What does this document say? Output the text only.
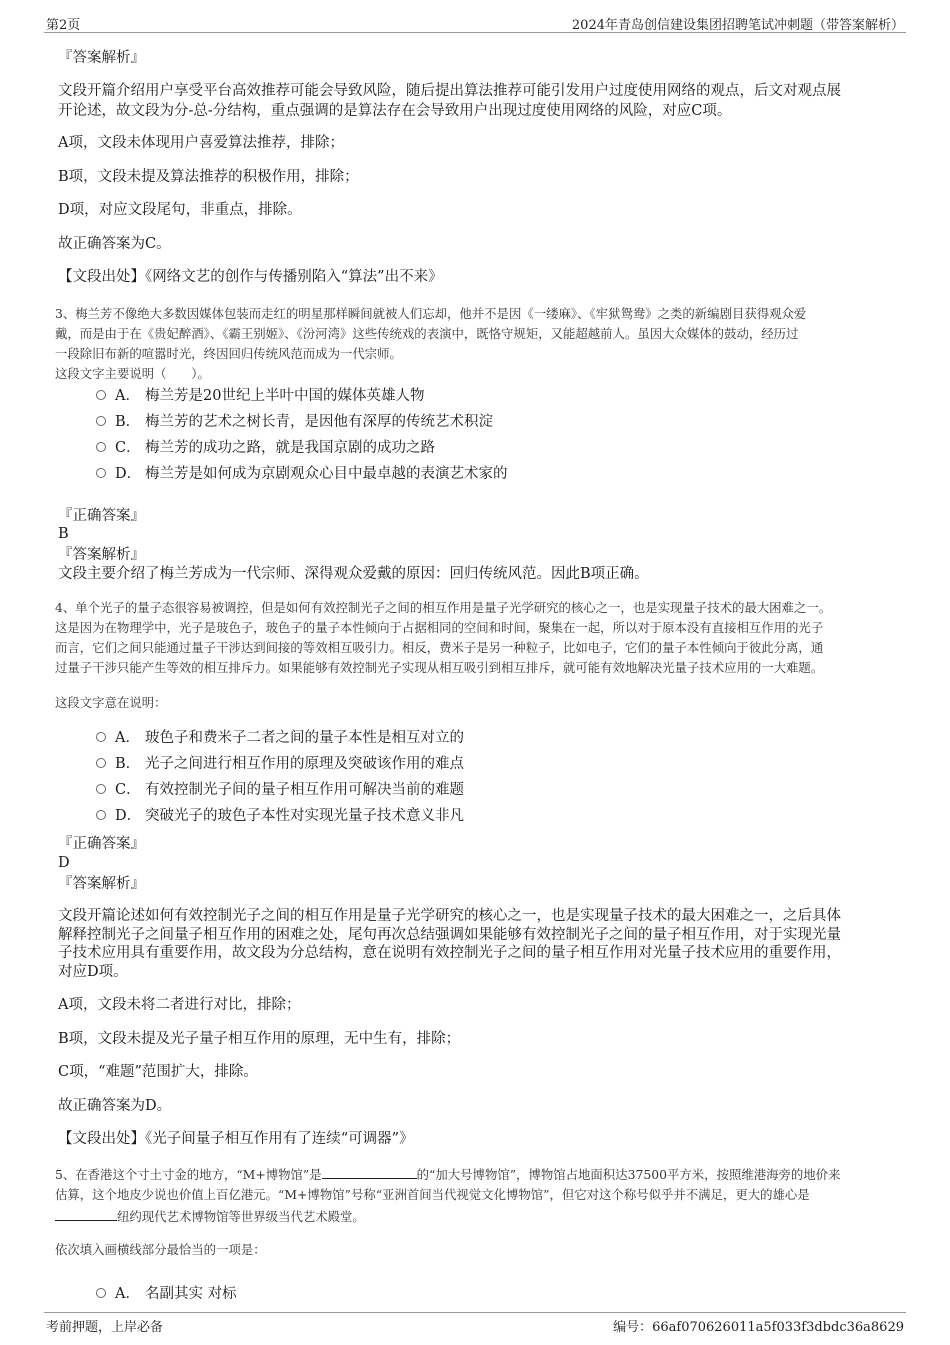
第2页	2024年青岛创信建设集团招聘笔试冲刺题（带答案解析）
『答案解析』
文段开篇介绍用户享受平台高效推荐可能会导致风险，随后提出算法推荐可能引发用户过度使用网络的观点，后文对观点展
开论述，故文段为分-总-分结构，重点强调的是算法存在会导致用户出现过度使用网络的风险，对应C项。
A项，文段未体现用户喜爱算法推荐，排除；
B项，文段未提及算法推荐的积极作用，排除；
D项，对应文段尾句，非重点，排除。
故正确答案为C。
【文段出处】《网络文艺的创作与传播别陷入“算法”出不来》
3、梅兰芳不像绝大多数因媒体包装而走红的明星那样瞬间就被人们忘却，他并不是因《一缕麻》、《牢狱鸳鸯》之类的新编剧目获得观众爱
戴，而是由于在《贵妃醉酒》、《霸王别姬》、《汾河湾》这些传统戏的表演中，既恪守规矩，又能超越前人。虽因大众媒体的鼓动，经历过
一段除旧布新的喧嚣时光，终因回归传统风范而成为一代宗师。
这段文字主要说明（　　）。
A． 梅兰芳是20世纪上半叶中国的媒体英雄人物
B． 梅兰芳的艺术之树长青，是因他有深厚的传统艺术积淀
C． 梅兰芳的成功之路，就是我国京剧的成功之路
D． 梅兰芳是如何成为京剧观众心目中最卓越的表演艺术家的
『正确答案』
B
『答案解析』
文段主要介绍了梅兰芳成为一代宗师、深得观众爱戴的原因：回归传统风范。因此B项正确。
4、单个光子的量子态很容易被调控，但是如何有效控制光子之间的相互作用是量子光学研究的核心之一，也是实现量子技术的最大困难之一。
这是因为在物理学中，光子是玻色子，玻色子的量子本性倾向于占据相同的空间和时间，聚集在一起，所以对于原本没有直接相互作用的光子
而言，它们之间只能通过量子干涉达到间接的等效相互吸引力。相反，费米子是另一种粒子，比如电子，它们的量子本性倾向于彼此分离，通
过量子干涉只能产生等效的相互排斥力。如果能够有效控制光子实现从相互吸引到相互排斥，就可能有效地解决光量子技术应用的一大难题。
这段文字意在说明：
A． 玻色子和费米子二者之间的量子本性是相互对立的
B． 光子之间进行相互作用的原理及突破该作用的难点
C． 有效控制光子间的量子相互作用可解决当前的难题
D． 突破光子的玻色子本性对实现光量子技术意义非凡
『正确答案』
D
『答案解析』
文段开篇论述如何有效控制光子之间的相互作用是量子光学研究的核心之一，也是实现量子技术的最大困难之一，之后具体
解释控制光子之间量子相互作用的困难之处，尾句再次总结强调如果能够有效控制光子之间的量子相互作用，对于实现光量
子技术应用具有重要作用，故文段为分总结构，意在说明有效控制光子之间的量子相互作用对光量子技术应用的重要作用，
对应D项。
A项，文段未将二者进行对比，排除；
B项，文段未提及光子量子相互作用的原理，无中生有，排除；
C项，“难题”范围扩大，排除。
故正确答案为D。
【文段出处】《光子间量子相互作用有了连续“可调器”》
5、在香港这个寸土寸金的地方，“M+博物馆”是	的“加大号博物馆”，博物馆占地面积达37500平方米，按照维港海旁的地价来
估算，这个地皮少说也价值上百亿港元。“M+博物馆”号称“亚洲首间当代视觉文化博物馆”，但它对这个称号似乎并不满足，更大的雄心是
纽约现代艺术博物馆等世界级当代艺术殿堂。
依次填入画横线部分最恰当的一项是：
A． 名副其实 对标
考前押题，上岸必备	编号：66af070626011a5f033f3dbdc36a8629
